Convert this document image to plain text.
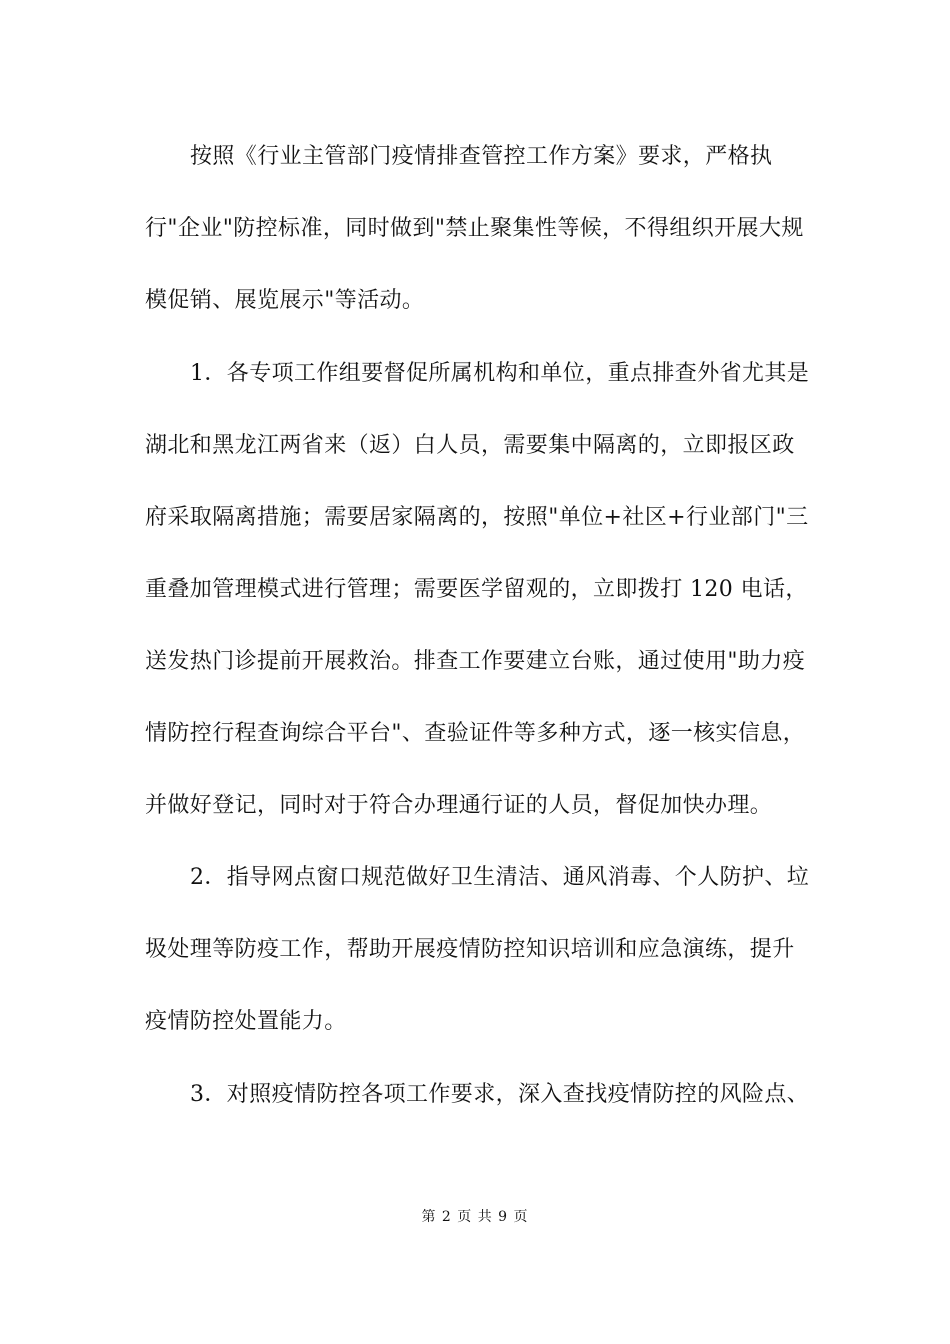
按照《行业主管部门疫情排查管控工作方案》要求，严格执
行"企业"防控标准，同时做到"禁止聚集性等候，不得组织开展大规
模促销、展览展示"等活动。
1．各专项工作组要督促所属机构和单位，重点排查外省尤其是
湖北和黑龙江两省来（返）白人员，需要集中隔离的，立即报区政
府采取隔离措施；需要居家隔离的，按照"单位+社区+行业部门"三
重叠加管理模式进行管理；需要医学留观的，立即拨打 120 电话，
送发热门诊提前开展救治。排查工作要建立台账，通过使用"助力疫
情防控行程查询综合平台"、查验证件等多种方式，逐一核实信息，
并做好登记，同时对于符合办理通行证的人员，督促加快办理。
2．指导网点窗口规范做好卫生清洁、通风消毒、个人防护、垃
圾处理等防疫工作，帮助开展疫情防控知识培训和应急演练，提升
疫情防控处置能力。
3．对照疫情防控各项工作要求，深入查找疫情防控的风险点、
第 2 页 共 9 页
